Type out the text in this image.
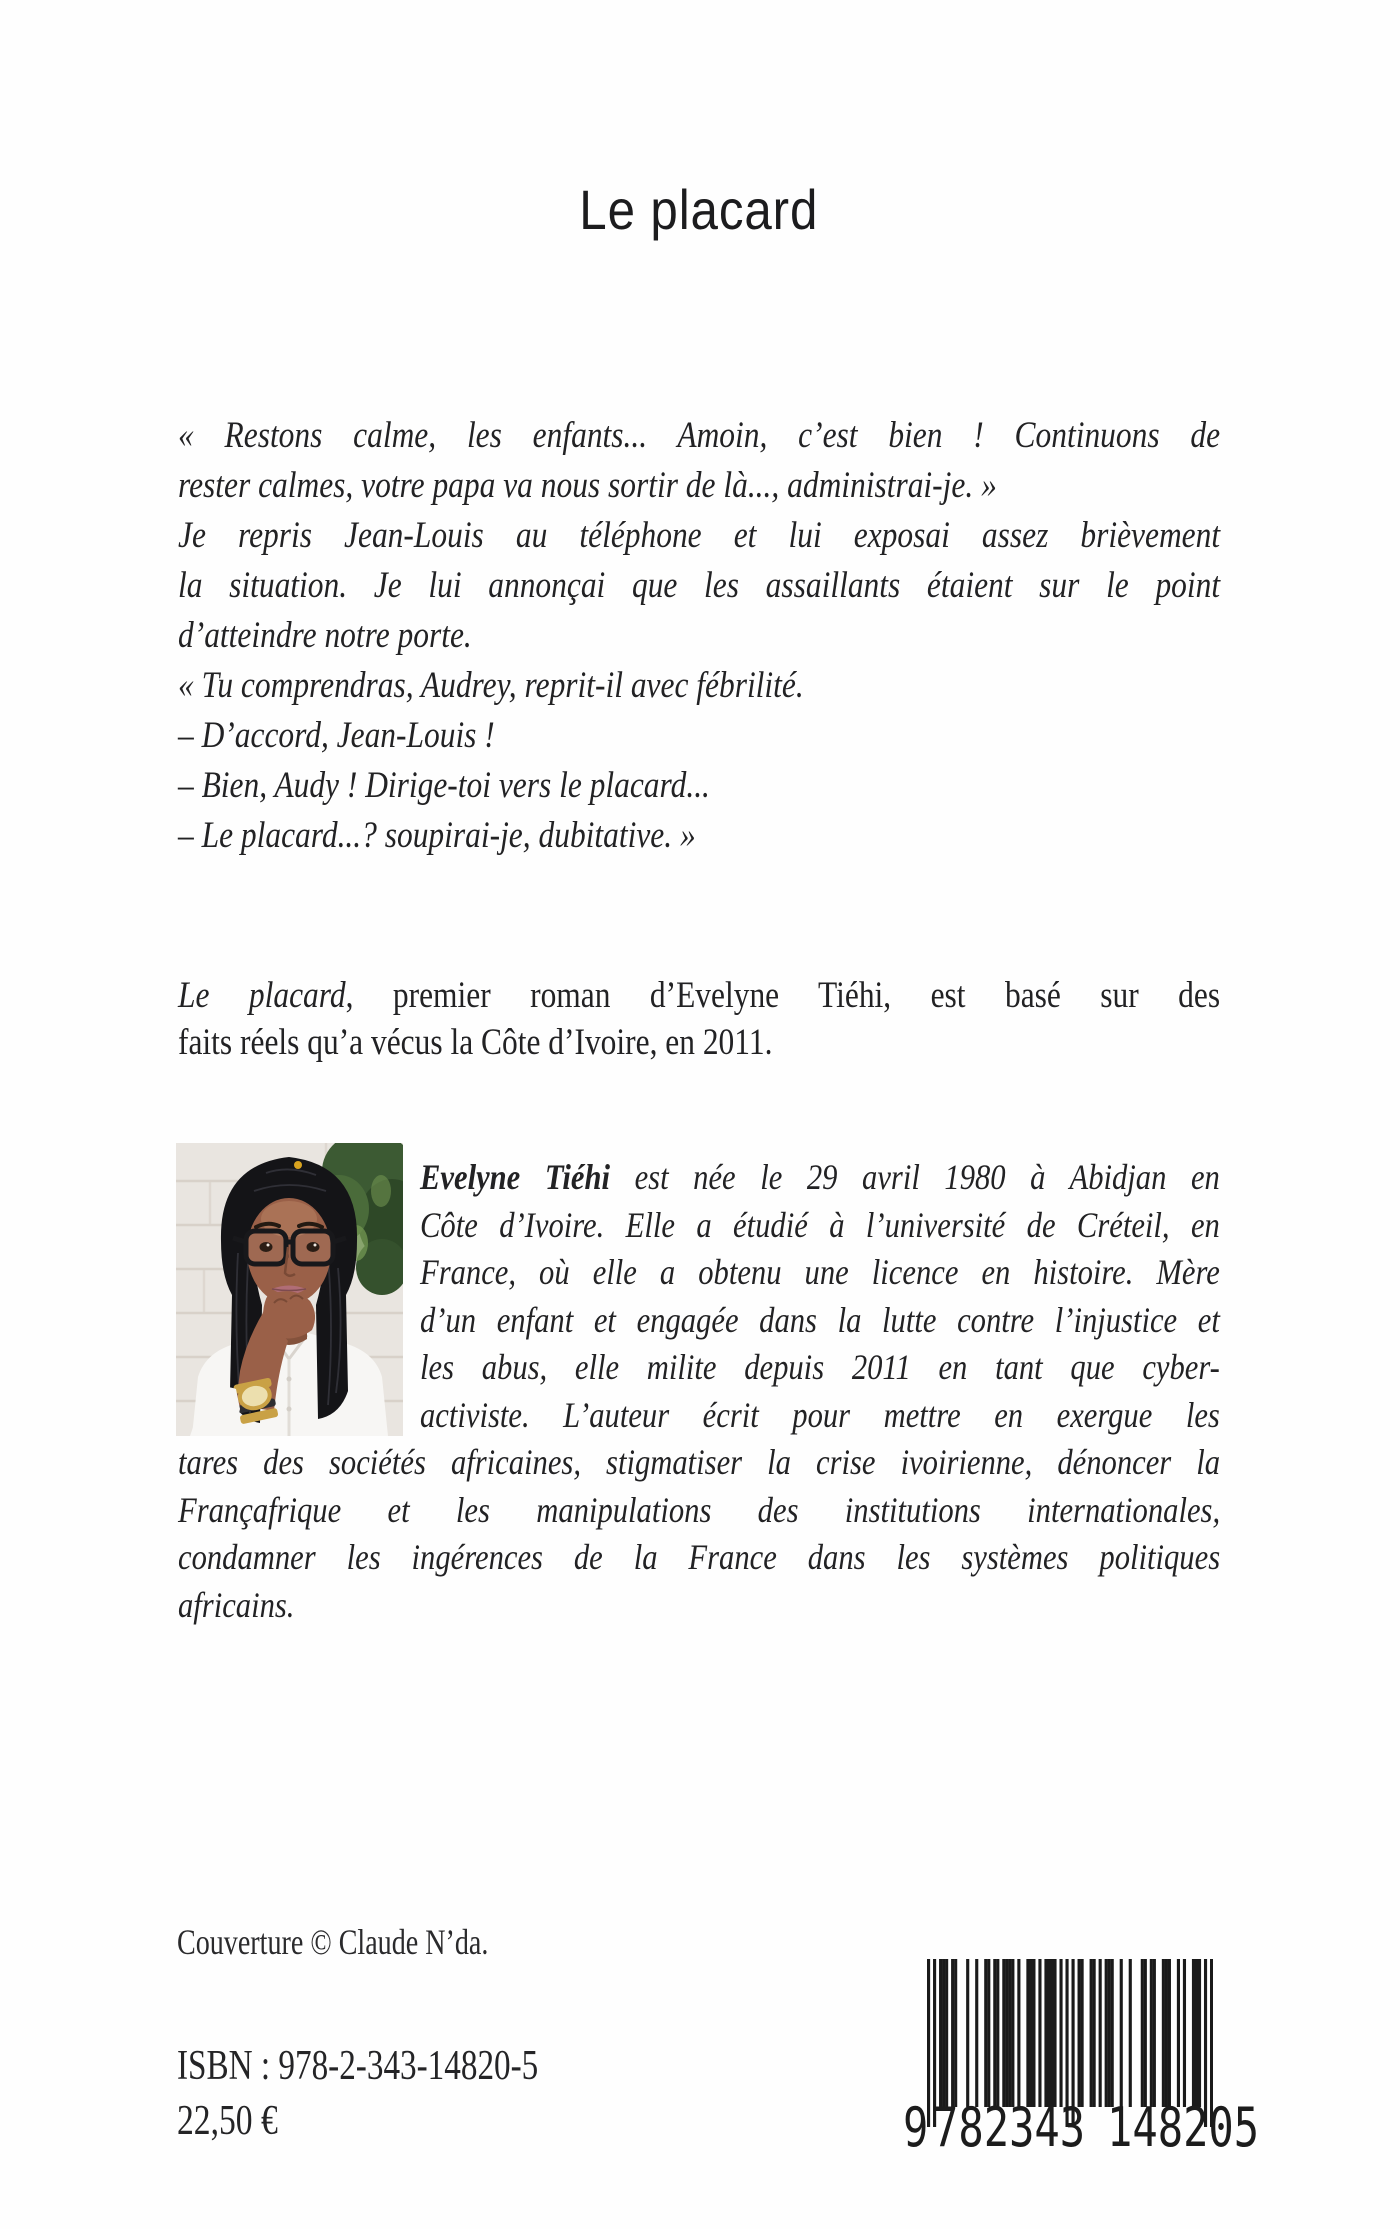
Le placard
« Restons calme, les enfants... Amoin, c’est bien ! Continuons de
rester calmes, votre papa va nous sortir de là..., administrai-je. »
Je repris Jean-Louis au téléphone et lui exposai assez brièvement
la situation. Je lui annonçai que les assaillants étaient sur le point
d’atteindre notre porte.
« Tu comprendras, Audrey, reprit-il avec fébrilité.
– D’accord, Jean-Louis !
– Bien, Audy ! Dirige-toi vers le placard...
– Le placard...? soupirai-je, dubitative. »
Le placard, premier roman d’Evelyne Tiéhi, est basé sur des
faits réels qu’a vécus la Côte d’Ivoire, en 2011.
Evelyne Tiéhi est née le 29 avril 1980 à Abidjan en
Côte d’Ivoire. Elle a étudié à l’université de Créteil, en
France, où elle a obtenu une licence en histoire. Mère
d’un enfant et engagée dans la lutte contre l’injustice et
les abus, elle milite depuis 2011 en tant que cyber-
activiste. L’auteur écrit pour mettre en exergue les
tares des sociétés africaines, stigmatiser la crise ivoirienne, dénoncer la
Françafrique et les manipulations des institutions internationales,
condamner les ingérences de la France dans les systèmes politiques
africains.
Couverture © Claude N’da.
ISBN : 978-2-343-14820-5
22,50 €	9 782343 148205
